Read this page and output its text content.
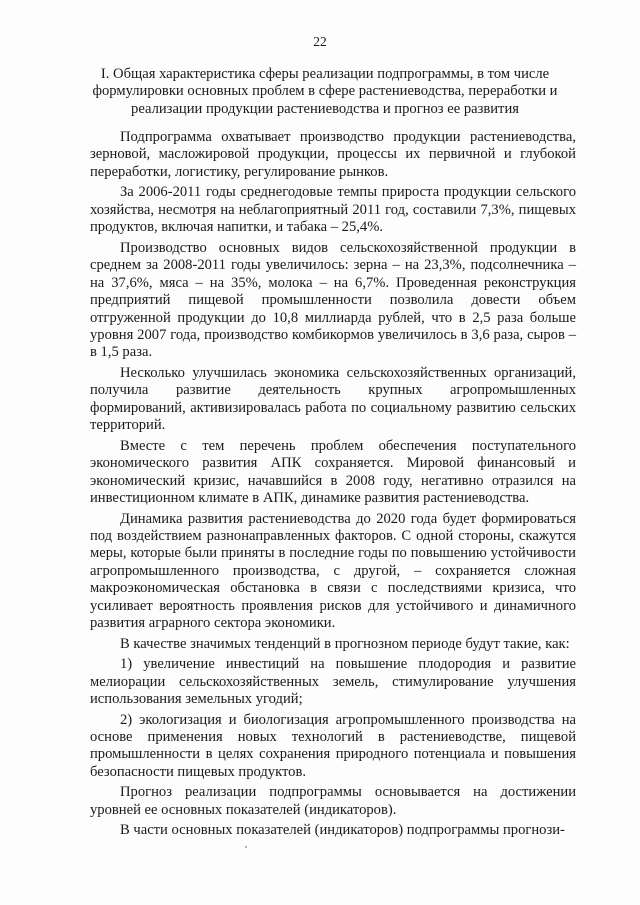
22
I. Общая характеристика сферы реализации подпрограммы, в том числе формулировки основных проблем в сфере растениеводства, переработки и реализации продукции растениеводства и прогноз ее развития

Подпрограмма охватывает производство продукции растениеводства, зерновой, масложировой продукции, процессы их первичной и глубокой переработки, логистику, регулирование рынков.

За 2006-2011 годы среднегодовые темпы прироста продукции сельского хозяйства, несмотря на неблагоприятный 2011 год, составили 7,3%, пищевых продуктов, включая напитки, и табака – 25,4%.

Производство основных видов сельскохозяйственной продукции в среднем за 2008-2011 годы увеличилось: зерна – на 23,3%, подсолнечника – на 37,6%, мяса – на 35%, молока – на 6,7%. Проведенная реконструкция предприятий пищевой промышленности позволила довести объем отгруженной продукции до 10,8 миллиарда рублей, что в 2,5 раза больше уровня 2007 года, производство комбикормов увеличилось в 3,6 раза, сыров – в 1,5 раза.

Несколько улучшилась экономика сельскохозяйственных организаций, получила развитие деятельность крупных агропромышленных формирований, активизировалась работа по социальному развитию сельских территорий.

Вместе с тем перечень проблем обеспечения поступательного экономического развития АПК сохраняется. Мировой финансовый и экономический кризис, начавшийся в 2008 году, негативно отразился на инвестиционном климате в АПК, динамике развития растениеводства.

Динамика развития растениеводства до 2020 года будет формироваться под воздействием разнонаправленных факторов. С одной стороны, скажутся меры, которые были приняты в последние годы по повышению устойчивости агропромышленного производства, с другой, – сохраняется сложная макроэкономическая обстановка в связи с последствиями кризиса, что усиливает вероятность проявления рисков для устойчивого и динамичного развития аграрного сектора экономики.

В качестве значимых тенденций в прогнозном периоде будут такие, как:

1) увеличение инвестиций на повышение плодородия и развитие мелиорации сельскохозяйственных земель, стимулирование улучшения использования земельных угодий;

2) экологизация и биологизация агропромышленного производства на основе применения новых технологий в растениеводстве, пищевой промышленности в целях сохранения природного потенциала и повышения безопасности пищевых продуктов.

Прогноз реализации подпрограммы основывается на достижении уровней ее основных показателей (индикаторов).

В части основных показателей (индикаторов) подпрограммы прогнози-
